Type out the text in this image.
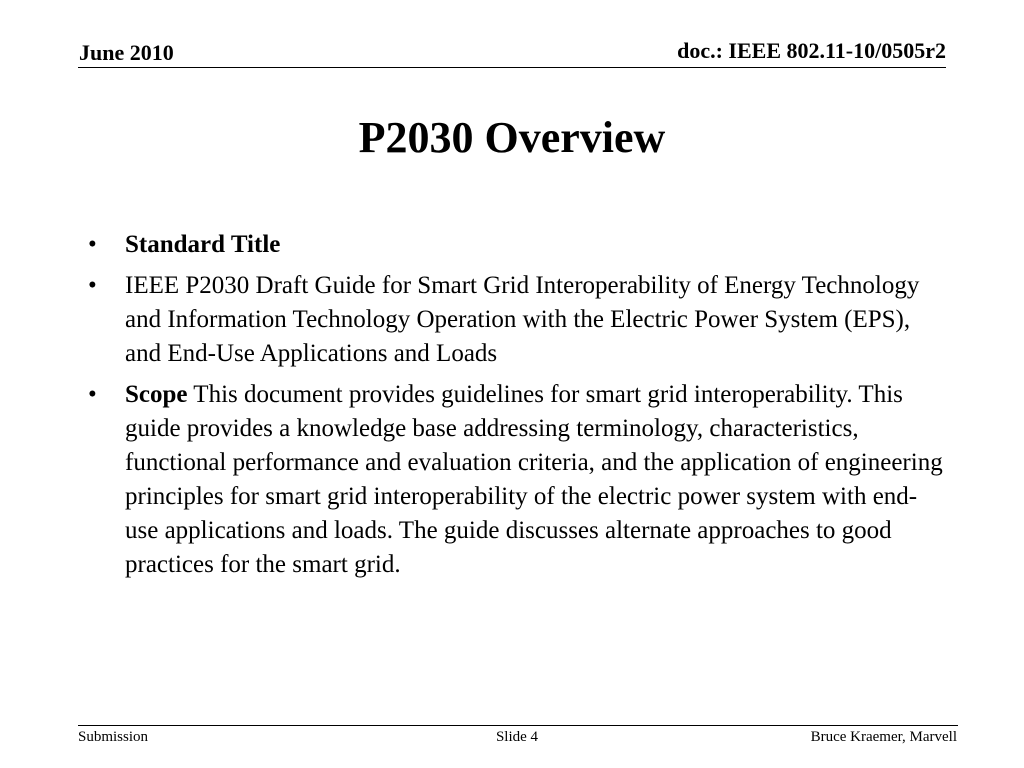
June 2010	doc.: IEEE 802.11-10/0505r2
P2030 Overview
• Standard Title
• IEEE P2030 Draft Guide for Smart Grid Interoperability of Energy Technology and Information Technology Operation with the Electric Power System (EPS), and End-Use Applications and Loads
• Scope This document provides guidelines for smart grid interoperability. This guide provides a knowledge base addressing terminology, characteristics, functional performance and evaluation criteria, and the application of engineering principles for smart grid interoperability of the electric power system with end-use applications and loads. The guide discusses alternate approaches to good practices for the smart grid.
Submission	Slide 4	Bruce Kraemer, Marvell
